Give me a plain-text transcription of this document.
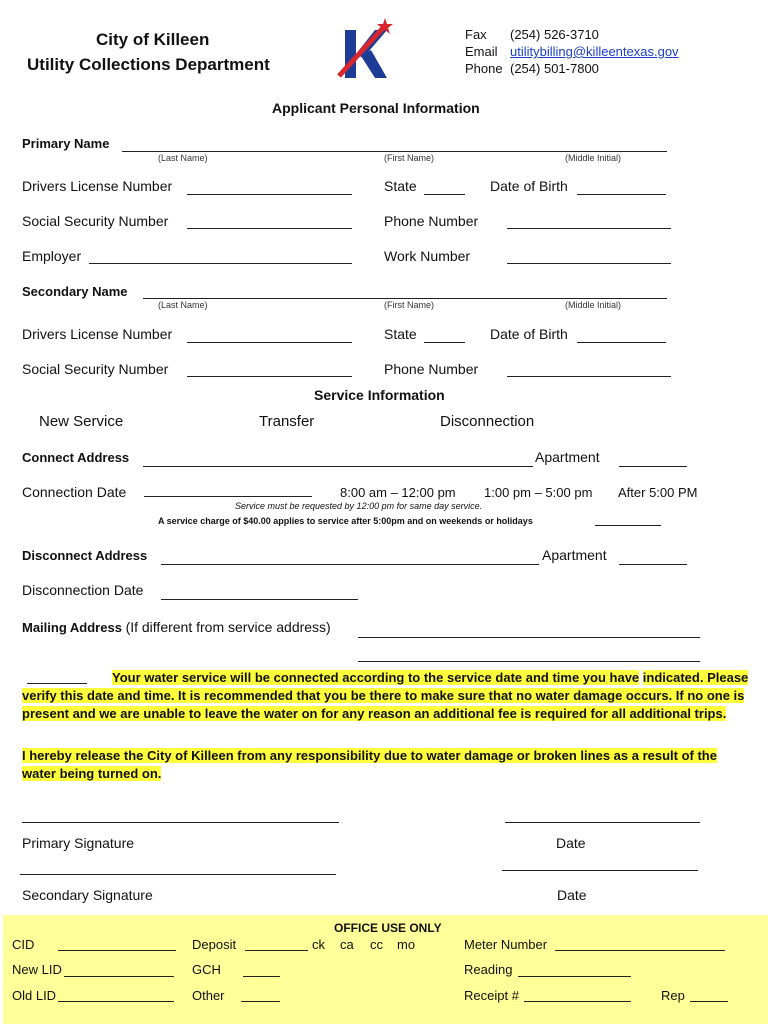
City of Killeen
Utility Collections Department
Fax (254) 526-3710
Email utilitybilling@killeentexas.gov
Phone (254) 501-7800
Applicant Personal Information
Primary Name
(Last Name)	(First Name)	(Middle Initial)
Drivers License Number	State	Date of Birth
Social Security Number	Phone Number
Employer	Work Number
Secondary Name
(Last Name)	(First Name)	(Middle Initial)
Drivers License Number	State	Date of Birth
Social Security Number	Phone Number
Service Information
New Service	Transfer	Disconnection
Connect Address	Apartment
Connection Date	8:00 am – 12:00 pm 1:00 pm – 5:00 pm After 5:00 PM
Service must be requested by 12:00 pm for same day service.
A service charge of $40.00 applies to service after 5:00pm and on weekends or holidays
Disconnect Address	Apartment
Disconnection Date
Mailing Address (If different from service address)
Your water service will be connected according to the service date and time you have indicated. Please verify this date and time. It is recommended that you be there to make sure that no water damage occurs. If no one is present and we are unable to leave the water on for any reason an additional fee is required for all additional trips.
I hereby release the City of Killeen from any responsibility due to water damage or broken lines as a result of the water being turned on.
Primary Signature	Date
Secondary Signature	Date
OFFICE USE ONLY
CID	Deposit	ck ca cc mo	Meter Number
New LID	GCH	Reading
Old LID	Other	Receipt #	Rep
